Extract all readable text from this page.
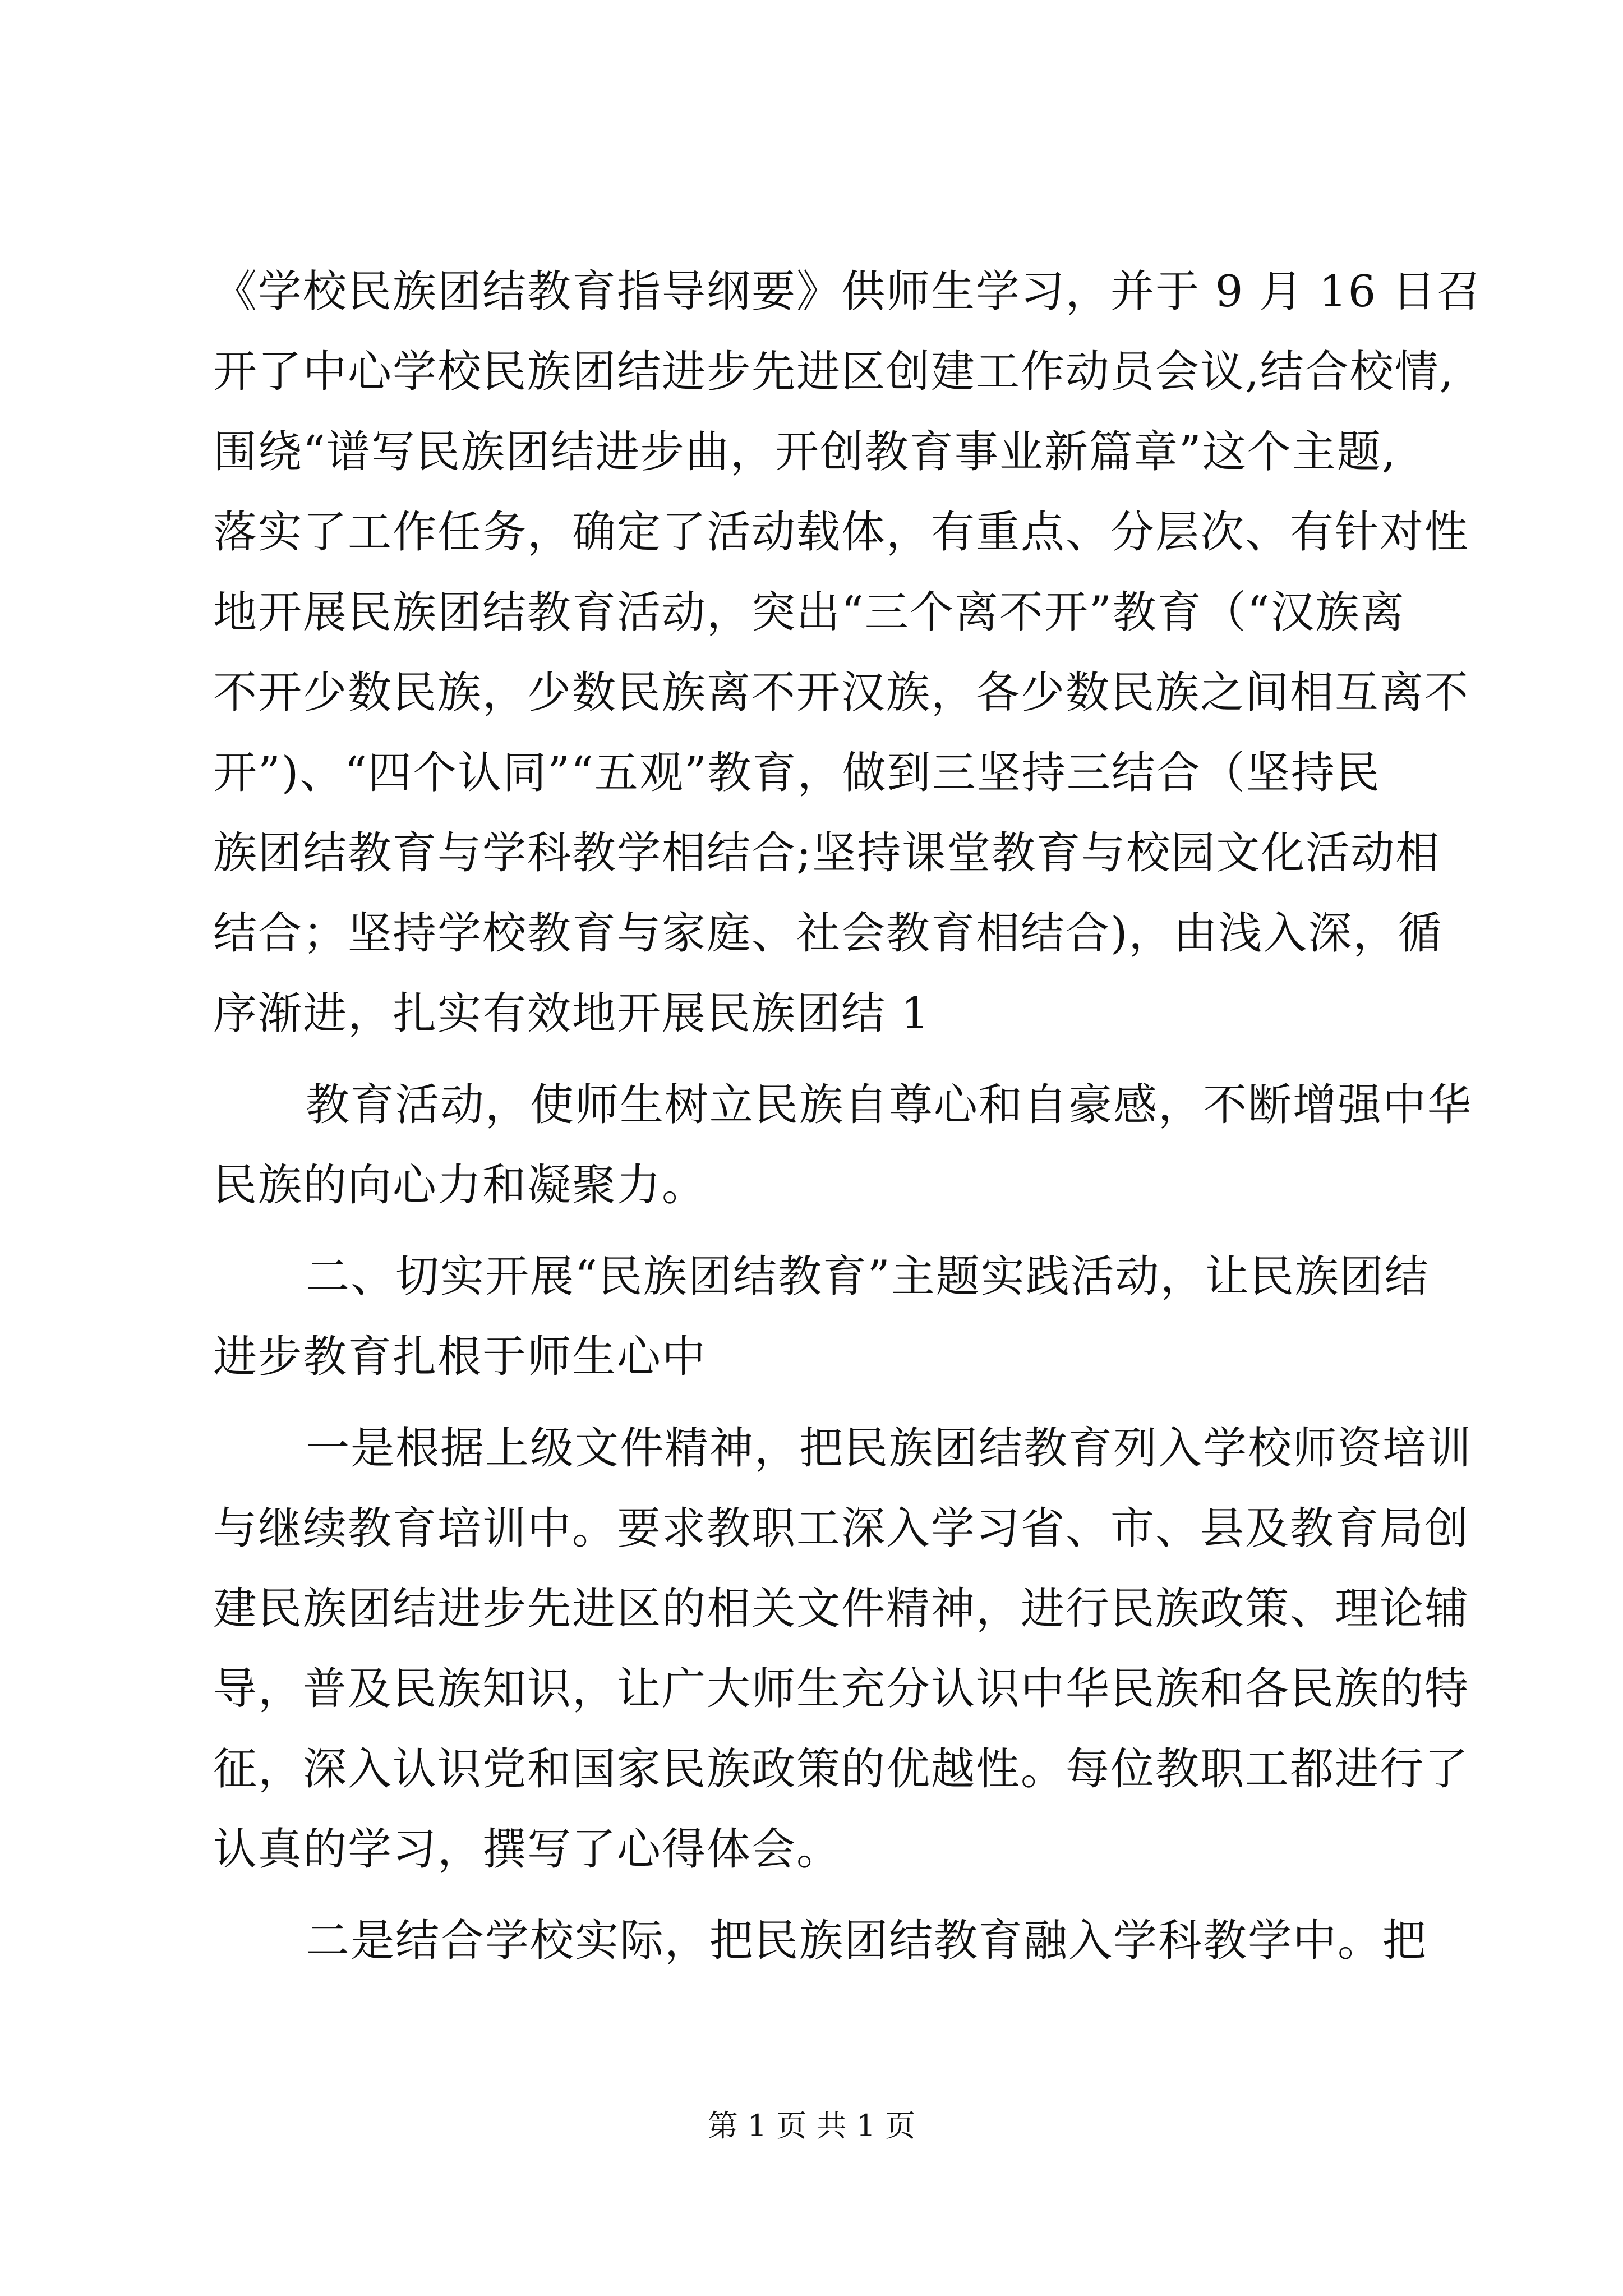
《学校民族团结教育指导纲要》供师生学习，并于 9 月 16 日召
开了中心学校民族团结进步先进区创建工作动员会议,结合校情,
围绕“谱写民族团结进步曲，开创教育事业新篇章”这个主题,
落实了工作任务，确定了活动载体，有重点、分层次、有针对性
地开展民族团结教育活动，突出“三个离不开”教育（“汉族离
不开少数民族，少数民族离不开汉族，各少数民族之间相互离不
开”)、“四个认同”“五观”教育，做到三坚持三结合（坚持民
族团结教育与学科教学相结合;坚持课堂教育与校园文化活动相
结合；坚持学校教育与家庭、社会教育相结合)，由浅入深，循
序渐进，扎实有效地开展民族团结 1
教育活动，使师生树立民族自尊心和自豪感，不断增强中华
民族的向心力和凝聚力。
二、切实开展“民族团结教育”主题实践活动，让民族团结
进步教育扎根于师生心中
一是根据上级文件精神，把民族团结教育列入学校师资培训
与继续教育培训中。要求教职工深入学习省、市、县及教育局创
建民族团结进步先进区的相关文件精神，进行民族政策、理论辅
导，普及民族知识，让广大师生充分认识中华民族和各民族的特
征，深入认识党和国家民族政策的优越性。每位教职工都进行了
认真的学习，撰写了心得体会。
二是结合学校实际，把民族团结教育融入学科教学中。把
第 1 页 共 1 页
